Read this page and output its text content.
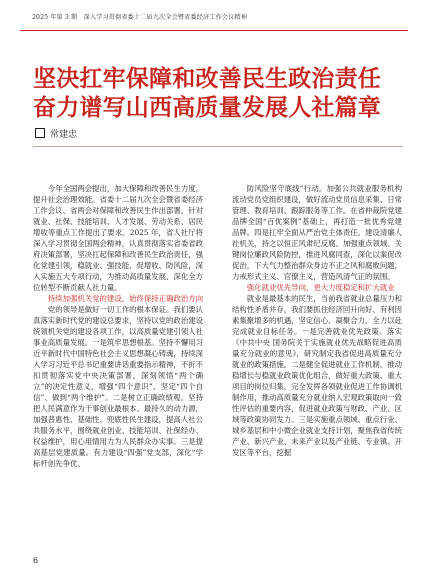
2025 年第 3 期　深入学习贯彻省委十二届九次全会暨省委经济工作会议精神
坚决扛牢保障和改善民生政治责任
奋力谱写山西高质量发展人社篇章
常建忠

今年全国两会提出，加大保障和改善民生力度，提升社会治理效能。省委十二届九次全会暨省委经济工作会议、省两会对保障和改善民生作出部署，针对就业、社保、技能培训、人才发展、劳动关系、居民增收等重点工作提出了要求。2025 年，省人社厅将深入学习贯彻全国两会精神，认真贯彻落实省委省政府决策部署，坚决扛起保障和改善民生政治责任，强化党建引领，稳就业、强技能、促增收、防风险，深入实施五大专项行动，为推动高质量发展、深化全方位转型不断贡献人社力量。

持续加强机关党的建设，始终保持正确政治方向

党的领导是做好一切工作的根本保证。我们要认真落实新时代党的建设总要求，坚持以党的政治建设统领机关党的建设各项工作，以高质量党建引领人社事业高质量发展。一是筑牢思想根基。坚持不懈用习近平新时代中国特色社会主义思想凝心铸魂，持续深入学习习近平总书记重要讲话重要指示精神，不折不扣贯彻落实党中央决策部署，深刻领悟“两个确立”的决定性意义，增强“四个意识”、坚定“四个自信”、做到“两个维护”。二是树立正确政绩观。坚持把人民满意作为干事创业最根本、最持久的动力源，加强普惠性、基础性、兜底性民生建设，提高人社公共服务水平，围绕就业创业、技能培训、社保经办、权益维护，用心用情用力为人民群众办实事。三是提高基层党建质量。有力建设“四强”党支部，深化“学标杆创先争优、

防风险坚守底线”行动。加强公共就业服务机构流动党员党组织建设，做好流动党员信息采集、日常管理、教育培训、跟踪服务等工作。在省仲裁院党建品牌全国“百优案例”基础上，再打造一批优秀党建品牌。四是扛牢全面从严治党主体责任。建设清廉人社机关，持之以恒正风肃纪反腐。加强重点领域、关键岗位廉政风险防控，推进风腐同查，深化以案促改促治，下大气力整治群众身边不正之风和腐败问题，力戒形式主义、官僚主义，营造风清气正的氛围。

强化就业优先导向，更大力度稳定和扩大就业

就业是最基本的民生，当前我省就业总量压力和结构性矛盾并存，我们要抓住经济回升向好、有利因素集聚增多的机遇，坚定信心、凝聚合力，全力以赴完成就业目标任务。一是完善就业优先政策。落实《中共中央 国务院关于实施就业优先战略促进高质量充分就业的意见》，研究制定我省促进高质量充分就业的政策措施。二是健全促进就业工作机制。推动稳增长与稳就业政策优化组合，做好重大政策、重大项目的岗位归集，完全发挥各领就业促进工作协调机制作用，推动高质量充分就业纳入宏观政策取向一致性评估的重要内容，促进就业政策与财政、产业、区域等政策协同发力。三是实施重点领域、重点行业、城乡基层和中小微企业就业支持计划，聚焦我省传统产业、新兴产业、未来产业以及产业链、专业镇、开发区等平台，挖掘

6
